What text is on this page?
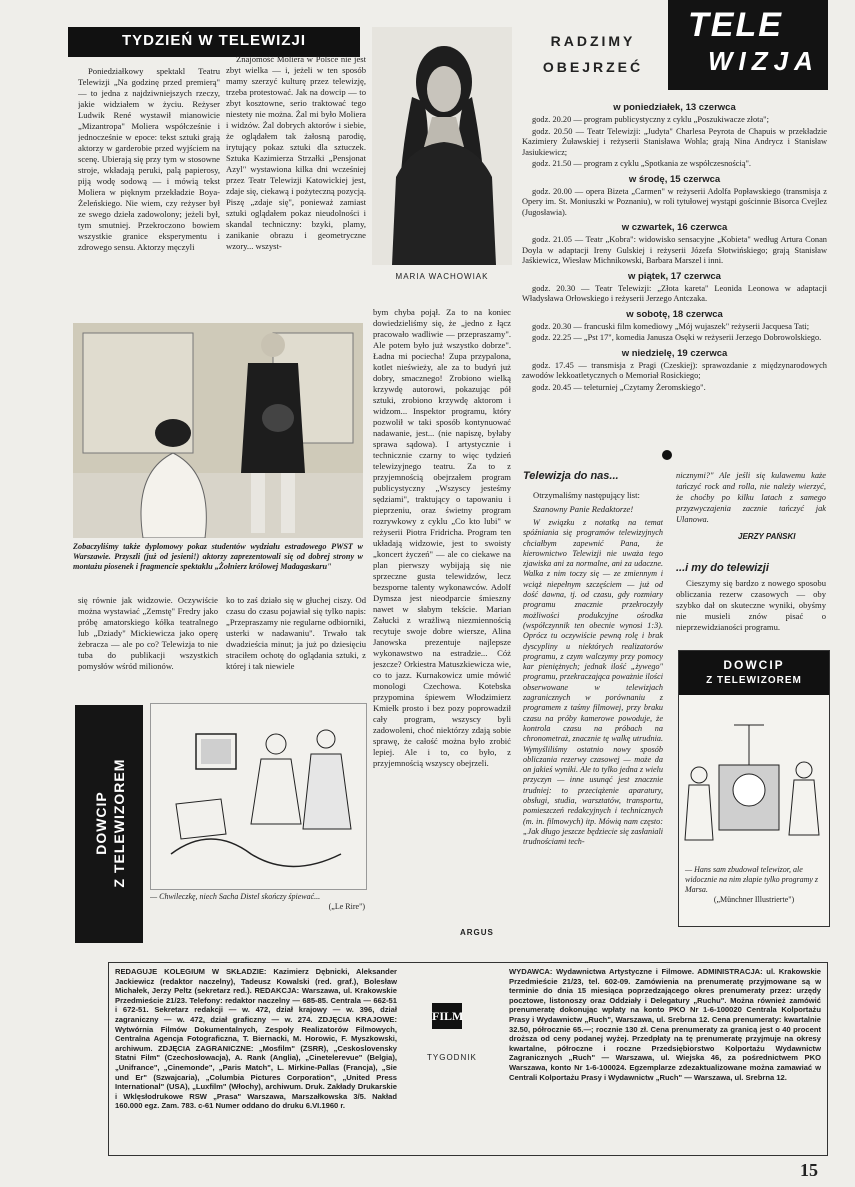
TYDZIEŃ W TELEWIZJI

Poniedziałkowy spektakl Teatru Telewizji „Na godzinę przed premierą" — to jedna z najdziwniejszych rzeczy, jakie widziałem w życiu. Reżyser Ludwik René wystawił mianowicie „Mizantropa" Moliera współcześnie i jednocześnie w epoce: tekst sztuki grają aktorzy w garderobie przed wyjściem na scenę. Ubierają się przy tym w stosowne stroje, wkładają peruki, palą papierosy, piją wodę sodową — i mówią tekst Moliera w pięknym przekładzie Boya-Żeleńskiego. Nie wiem, czy reżyser był ze swego dzieła zadowolony; jeżeli był, tym smutniej. Przekroczono bowiem wszystkie granice eksperymentu i zdrowego sensu. Aktorzy męczyli

Znajomość Moliera w Polsce nie jest zbyt wielka — i, jeżeli w ten sposób mamy szerzyć kulturę przez telewizję, trzeba protestować. Jak na dowcip — to zbyt kosztowne, serio traktować tego niestety nie można. Żal mi było Moliera i widzów. Żal dobrych aktorów i siebie, że oglądałem tak żałosną parodię, irytujący pokaz sztuki dla sztuczek. Sztuka Kazimierza Strzałki „Pensjonat Azyl" wystawiona kilka dni wcześniej przez Teatr Telewizji Katowickiej jest, zdaje się, ciekawą i pożyteczną pozycją. Piszę „zdaje się", ponieważ zamiast sztuki oglądałem pokaz nieudolności i skandal techniczny: bzyki, plamy, zanikanie obrazu i geometryczne wzory... wszyst-

MARIA WACHOWIAK
RADZIMY
OBEJRZEĆ
TELE
WIZJA
w poniedziałek, 13 czerwca

godz. 20.20 — program publicystyczny z cyklu „Poszukiwacze złota";

godz. 20.50 — Teatr Telewizji: „Judyta" Charlesa Peyrota de Chapuis w przekładzie Kazimiery Żuławskiej i reżyserii Stanisława Wohla; grają Nina Andrycz i Stanisław Jasiukiewicz;

godz. 21.50 — program z cyklu „Spotkania ze współczesnością".

w środę, 15 czerwca

godz. 20.00 — opera Bizeta „Carmen" w reżyserii Adolfa Popławskiego (transmisja z Opery im. St. Moniuszki w Poznaniu), w roli tytułowej wystąpi gościnnie Bisorca Cvejlez (Jugosławia).

w czwartek, 16 czerwca

godz. 21.05 — Teatr „Kobra": widowisko sensacyjne „Kobieta" według Artura Conan Doyla w adaptacji Ireny Gulskiej i reżyserii Józefa Słotwińskiego; grają Stanisław Jaśkiewicz, Wiesław Michnikowski, Barbara Marszel i inni.

w piątek, 17 czerwca

godz. 20.30 — Teatr Telewizji: „Złota kareta" Leonida Leonowa w adaptacji Władysława Orłowskiego i reżyserii Jerzego Antczaka.

w sobotę, 18 czerwca

godz. 20.30 — francuski film komediowy „Mój wujaszek" reżyserii Jacquesa Tati;

godz. 22.25 — „Pst 17", komedia Janusza Osęki w reżyserii Jerzego Dobrowolskiego.

w niedzielę, 19 czerwca

godz. 17.45 — transmisja z Pragi (Czeskiej): sprawozdanie z międzynarodowych zawodów lekkoatletycznych o Memoriał Rosickiego;

godz. 20.45 — teleturniej „Czytamy Żeromskiego".

Zobaczyliśmy także dyplomowy pokaz studentów wydziału estradowego PWST w Warszawie. Przyszli (już od jesieni!) aktorzy zaprezentowali się od dobrej strony w montażu piosenek i fragmencie spektaklu „Żołnierz królowej Madagaskaru"

się równie jak widzowie. Oczywiście można wystawiać „Zemstę" Fredry jako próbę amatorskiego kółka teatralnego lub „Dziady" Mickiewicza jako operę żebracza — ale po co? Telewizja to nie tuba do publikacji wszystkich pomysłów wśród milionów.

ko to zaś działo się w głuchej ciszy. Od czasu do czasu pojawiał się tylko napis: „Przepraszamy nie regularne odbiorniki, usterki w nadawaniu". Trwało tak dwadzieścia minut; ja już po dziesięciu straciłem ochotę do oglądania sztuki, z której i tak niewiele

bym chyba pojął. Za to na koniec dowiedzieliśmy się, że „jedno z łącz pracowało wadliwie — przepraszamy". Ale potem było już wszystko dobrze". Ładna mi pociecha! Zupa przypalona, kotlet nieświeży, ale za to budyń już dobry, smacznego! Zrobiono wielką krzywdę autorowi, pokazując pół sztuki, zrobiono krzywdę aktorom i widzom... Inspektor programu, który pozwolił w taki sposób kontynuować nadawanie, jest... (nie napiszę, byłaby sprawa sądowa). I artystycznie i technicznie czarny to więc tydzień telewizyjnego teatru. Za to z przyjemnością obejrzałem program publicystyczny „Wszyscy jesteśmy sędziami", traktujący o tapowaniu i pieprzeniu, oraz świetny program rozrywkowy z cyklu „Co kto lubi" w reżyserii Piotra Fridricha. Program ten układają widzowie, jest to swoisty „koncert życzeń" — ale co ciekawe na plan pierwszy wybijają się nie sprzeczne gusta telewidzów, lecz bezsporne talenty wykonawców. Adolf Dymsza jest nieodparcie śmieszny nawet w słabym tekście. Marian Załucki z wrażliwą niezmiennością recytuje swoje dobre wiersze, Alina Janowska prezentuje najlepsze wykonawstwo na estradzie... Cóż jeszcze? Orkiestra Matuszkiewicza wie, co to jazz. Kurnakowicz umie mówić monologi Czechowa. Kotebska przypomina śpiewem Włodzimierz Kmiełk prosto i bez pozy poprowadził cały program, wszyscy byli zadowoleni, choć niektórzy zdają sobie sprawę, że całość można było zrobić lepiej. Ale i to, co było, z przyjemnością wszyscy obejrzeli.

ARGUS
DOWCIP Z TELEWIZOREM
— Chwileczkę, niech Sacha Distel skończy śpiewać...
(„Le Rire")
Telewizja do nas...
Otrzymaliśmy następujący list:
Szanowny Panie Redaktorze!
W związku z notatką na temat spóźniania się programów telewizyjnych chciałbym zapewnić Pana, że kierownictwo Telewizji nie uważa tego zjawiska ani za normalne, ani za udaczne. Walka z nim toczy się — ze zmiennym i wciąż niepełnym szczęściem — już od dość dawna, tj. od czasu, gdy rozmiary programu znacznie przekroczyły możliwości produkcyjne ośrodka (współczynnik ten obecnie wynosi 1:3). Oprócz tu oczywiście pewną rolę i brak dyscypliny u niektórych realizatorów programu, z czym walczymy przy pomocy kar pieniężnych; jednak ilość „żywego" programu, przekraczająca poważnie ilości obserwowane w telewizjach zagranicznych w porównaniu z programem z taśmy filmowej, przy braku czasu na próby kamerowe powoduje, że kontrola czasu na próbach na chronometraż, znacznie tę walkę utrudnia. Wymyśliliśmy ostatnio nowy sposób obliczania rezerwy czasowej — może da on jakieś wyniki. Ale to tylko jedna z wielu przyczyn — inne usunąć jest znacznie trudniej: to przeciążenie aparatury, obsługi, studia, warsztatów, transportu, pomieszczeń redakcyjnych i technicznych (m. in. filmowych) itp. Mówią nam często: „Jak długo jeszcze będziecie się zasłaniali trudnościami tech-
nicznymi?" Ale jeśli się kulawemu każe tańczyć rock and rolla, nie należy wierzyć, że choćby po kilku latach z samego przyzwyczajenia zacznie tańczyć jak Ulanowa.
JERZY PAŃSKI
...i my do telewizji
Cieszymy się bardzo z nowego sposobu obliczania rezerw czasowych — oby szybko dał on skuteczne wyniki, obyśmy nie musieli znów pisać o nieprzewidzianości programu.
DOWCIP
Z TELEWIZOREM
— Hans sam zbudował telewizor, ale widocznie na nim złapie tylko programy z Marsa.
(„Münchner Illustrierte")
REDAGUJE KOLEGIUM W SKŁADZIE: Kazimierz Dębnicki, Aleksander Jackiewicz (redaktor naczelny), Tadeusz Kowalski (red. graf.), Bolesław Michałek, Jerzy Peltz (sekretarz red.). REDAKCJA: Warszawa, ul. Krakowskie Przedmieście 21/23. Telefony: redaktor naczelny — 685-85. Centrala — 662-51 i 672-51. Sekretarz redakcji — w. 472, dział krajowy — w. 396, dział zagraniczny — w. 472, dział graficzny — w. 274. ZDJĘCIA KRAJOWE: Wytwórnia Filmów Dokumentalnych, Zespoły Realizatorów Filmowych, Centralna Agencja Fotograficzna, T. Biernacki, M. Horowic, F. Myszkowski, archiwum. ZDJĘCIA ZAGRANICZNE: „Mosfilm" (ZSRR), „Ceskoslovensky Statni Film" (Czechosłowacja), A. Rank (Anglia), „Cinetelerevue" (Belgia), „Unifrance", „Cinemonde", „Paris Match", L. Mirkine-Pallas (Francja), „Sie und Er" (Szwajcaria), „Columbia Pictures Corporation", „United Press International" (USA), „Luxfilm" (Włochy), archiwum. Druk. Zakłady Drukarskie i Wklęsłodrukowe RSW „Prasa" Warszawa, Marszałkowska 3/5. Nakład 160.000 egz. Zam. 783. c-61 Numer oddano do druku 6.VI.1960 r.
FILM
TYGODNIK
WYDAWCA: Wydawnictwa Artystyczne i Filmowe. ADMINISTRACJA: ul. Krakowskie Przedmieście 21/23, tel. 602-09. Zamówienia na prenumeratę przyjmowane są w terminie do dnia 15 miesiąca poprzedzającego okres prenumeraty przez: urzędy pocztowe, listonoszy oraz Oddziały i Delegatury „Ruchu". Można również zamówić prenumeratę dokonując wpłaty na konto PKO Nr 1-6-100020 Centrala Kolportażu Prasy i Wydawnictw „Ruch", Warszawa, ul. Srebrna 12. Cena prenumeraty: kwartalnie 32.50, półrocznie 65.—; rocznie 130 zł. Cena prenumeraty za granicą jest o 40 procent droższa od ceny podanej wyżej. Przedpłaty na tę prenumeratę przyjmuje na okresy kwartalne, półroczne i roczne Przedsiębiorstwo Kolportażu Wydawnictw Zagranicznych „Ruch" — Warszawa, ul. Wiejska 46, za pośrednictwem PKO Warszawa, konto Nr 1-6-100024. Egzemplarze zdezaktualizowane można zamawiać w Centrali Kolportażu Prasy i Wydawnictw „Ruch" — Warszawa, ul. Srebrna 12.
15
